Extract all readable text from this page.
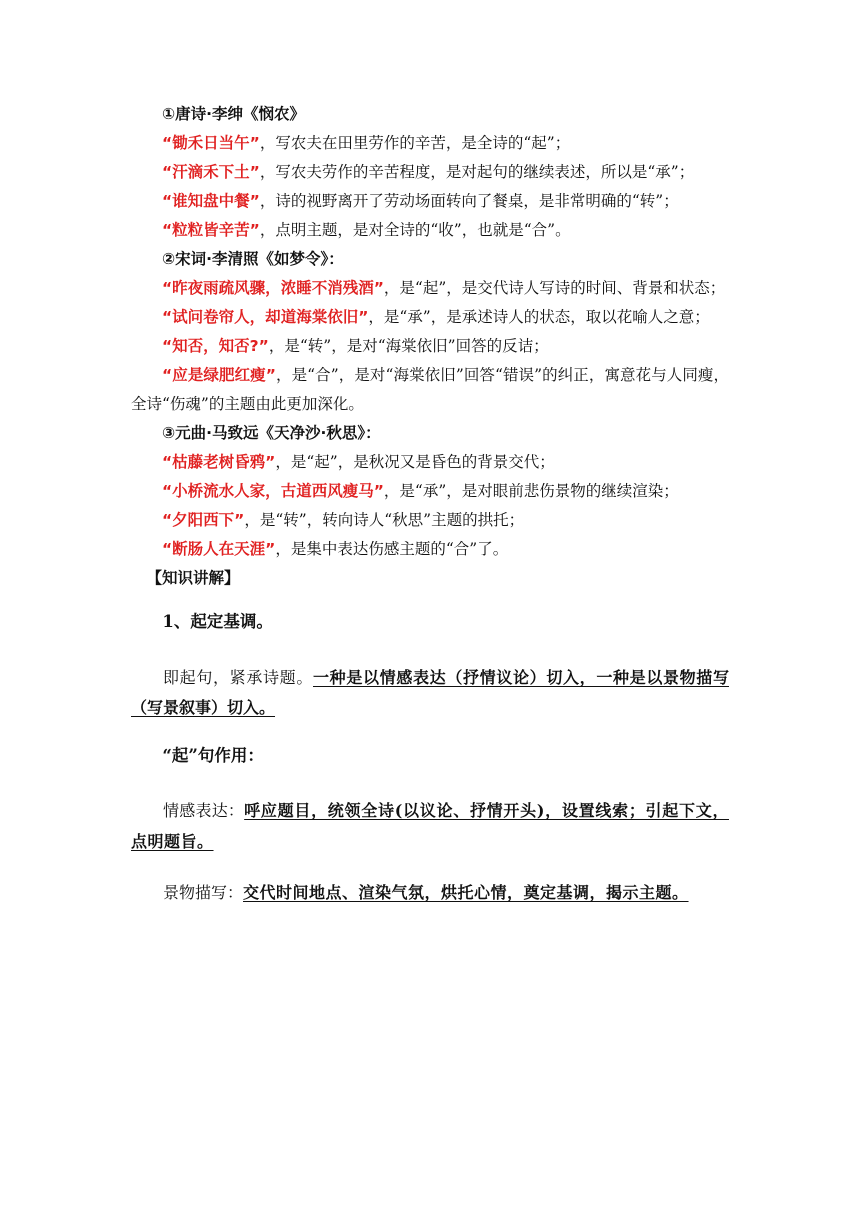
①唐诗·李绅《悯农》

“锄禾日当午”，写农夫在田里劳作的辛苦，是全诗的“起”；

“汗滴禾下土”，写农夫劳作的辛苦程度，是对起句的继续表述，所以是“承”；

“谁知盘中餐”，诗的视野离开了劳动场面转向了餐桌，是非常明确的“转”；

“粒粒皆辛苦”，点明主题，是对全诗的“收”，也就是“合”。

②宋词·李清照《如梦令》：

“昨夜雨疏风骤，浓睡不消残酒”，是“起”，是交代诗人写诗的时间、背景和状态；

“试问卷帘人，却道海棠依旧”，是“承”，是承述诗人的状态，取以花喻人之意；

“知否，知否?”，是“转”，是对“海棠依旧”回答的反诘；

“应是绿肥红瘦”，是“合”，是对“海棠依旧”回答“错误”的纠正，寓意花与人同瘦，全诗“伤魂”的主题由此更加深化。

③元曲·马致远《天净沙·秋思》：

“枯藤老树昏鸦”，是“起”，是秋况又是昏色的背景交代；

“小桥流水人家，古道西风瘦马”，是“承”，是对眼前悲伤景物的继续渲染；

“夕阳西下”，是“转”，转向诗人“秋思”主题的拱托；

“断肠人在天涯”，是集中表达伤感主题的“合”了。

【知识讲解】

1、起定基调。

即起句，紧承诗题。一种是以情感表达（抒情议论）切入，一种是以景物描写（写景叙事）切入。

“起”句作用：

情感表达：呼应题目，统领全诗(以议论、抒情开头)，设置线索；引起下文，点明题旨。

景物描写：交代时间地点、渲染气氛，烘托心情，奠定基调，揭示主题。
